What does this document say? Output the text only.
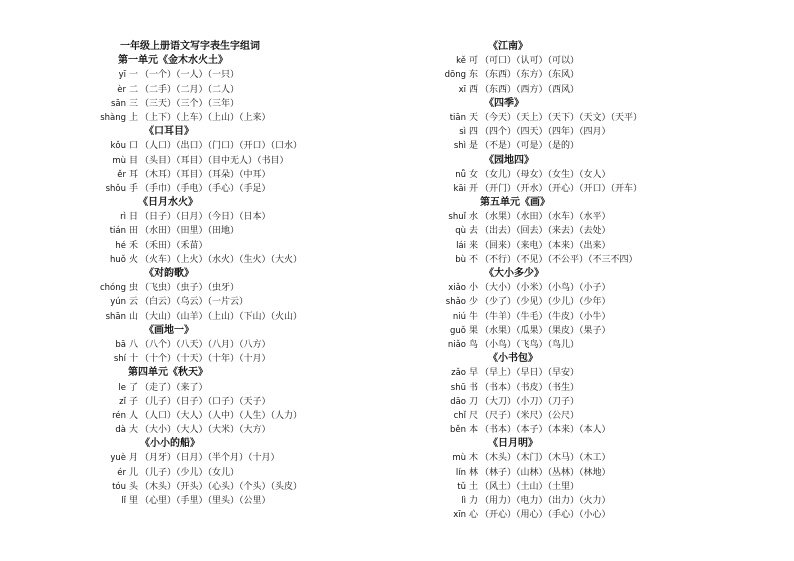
一年级上册语文写字表生字组词
第一单元《金木水火土》
yī 一 （一个）（一人）（一只）
èr 二 （二手）（二月）（二人）
sān 三 （三天）（三个）（三年）
shàng 上 （上下）（上车）（上山）（上来）
《口耳目》
kǒu 口 （人口）（出口）（门口）（开口）（口水）
mù 目 （头目）（耳目）（目中无人）（书目）
ěr 耳 （木耳）（耳目）（耳朵）（中耳）
shǒu 手 （手巾）（手电）（手心）（手足）
《日月水火》
rì 日 （日子）（日月）（今日）（日本）
tián 田 （水田）（田里）（田地）
hé 禾 （禾田）（禾苗）
huǒ 火 （火车）（上火）（水火）（生火）（大火）
《对韵歌》
chóng 虫 （飞虫）（虫子）（虫牙）
yún 云 （白云）（乌云）（一片云）
shān 山 （大山）（山羊）（上山）（下山）（火山）
《画地一》
bā 八 （八个）（八天）（八月）（八方）
shí 十 （十个）（十天）（十年）（十月）
第四单元《秋天》
le 了 （走了）（来了）
zǐ 子 （儿子）（日子）（口子）（天子）
rén 人 （人口）（大人）（人中）（人生）（人力）
dà 大 （大小）（大人）（大米）（大方）
《小小的船》
yuè 月 （月牙）（日月）（半个月）（十月）
ér 儿 （儿子）（少儿）（女儿）
tóu 头 （木头）（开头）（心头）（个头）（头皮）
lǐ 里 （心里）（手里）（里头）（公里）
《江南》
kě 可 （可口）（认可）（可以）
dōng 东 （东西）（东方）（东风）
xī 西 （东西）（西方）（西风）
《四季》
tiān 天 （今天）（天上）（天下）（天文）（天平）
sì 四 （四个）（四天）（四年）（四月）
shì 是 （不是）（可是）（是的）
《园地四》
nǚ 女 （女儿）（母女）（女生）（女人）
kāi 开 （开门）（开水）（开心）（开口）（开车）
第五单元《画》
shuǐ 水 （水果）（水田）（水车）（水平）
qù 去 （出去）（回去）（来去）（去处）
lái 来 （回来）（来电）（本来）（出来）
bù 不 （不行）（不见）（不公平）（不三不四）
《大小多少》
xiǎo 小 （大小）（小米）（小鸟）（小子）
shǎo 少 （少了）（少见）（少儿）（少年）
niú 牛 （牛羊）（牛毛）（牛皮）（小牛）
guǒ 果 （水果）（瓜果）（果皮）（果子）
niǎo 鸟 （小鸟）（飞鸟）（鸟儿）
《小书包》
zǎo 早 （早上）（早日）（早安）
shū 书 （书本）（书皮）（书生）
dāo 刀 （大刀）（小刀）（刀子）
chǐ 尺 （尺子）（米尺）（公尺）
běn 本 （书本）（本子）（本来）（本人）
《日月明》
mù 木 （木头）（木门）（木马）（木工）
lín 林 （林子）（山林）（丛林）（林地）
tǔ 土 （风土）（土山）（土里）
lì 力 （用力）（电力）（出力）（火力）
xīn 心 （开心）（用心）（手心）（小心）
